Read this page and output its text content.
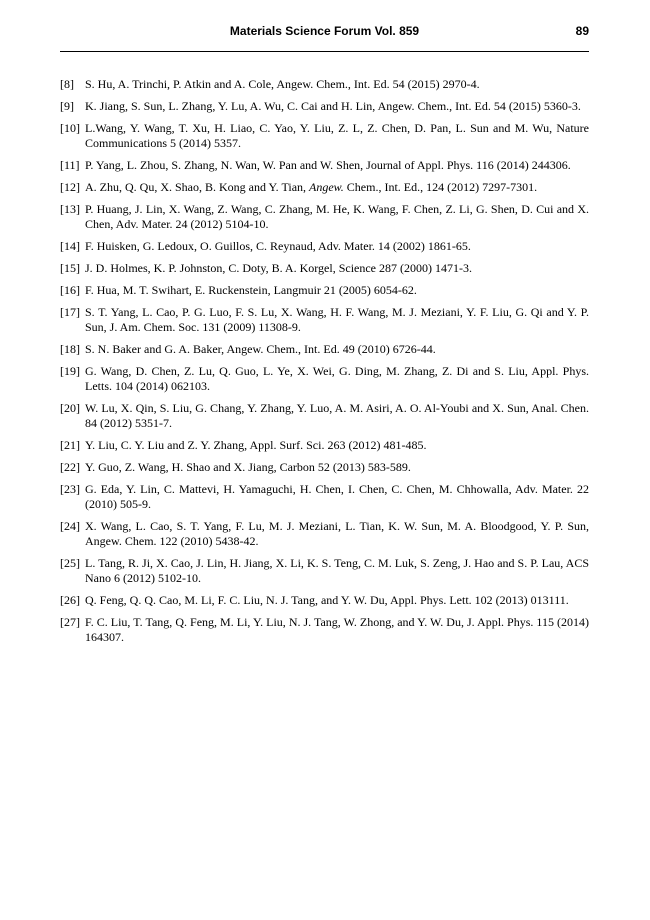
Materials Science Forum Vol. 859	89
[8] S. Hu, A. Trinchi, P. Atkin and A. Cole, Angew. Chem., Int. Ed. 54 (2015) 2970-4.
[9] K. Jiang, S. Sun, L. Zhang, Y. Lu, A. Wu, C. Cai and H. Lin, Angew. Chem., Int. Ed. 54 (2015) 5360-3.
[10] L.Wang, Y. Wang, T. Xu, H. Liao, C. Yao, Y. Liu, Z. L, Z. Chen, D. Pan, L. Sun and M. Wu, Nature Communications 5 (2014) 5357.
[11] P. Yang, L. Zhou, S. Zhang, N. Wan, W. Pan and W. Shen, Journal of Appl. Phys. 116 (2014) 244306.
[12] A. Zhu, Q. Qu, X. Shao, B. Kong and Y. Tian, Angew. Chem., Int. Ed., 124 (2012) 7297-7301.
[13] P. Huang, J. Lin, X. Wang, Z. Wang, C. Zhang, M. He, K. Wang, F. Chen, Z. Li, G. Shen, D. Cui and X. Chen, Adv. Mater. 24 (2012) 5104-10.
[14] F. Huisken, G. Ledoux, O. Guillos, C. Reynaud, Adv. Mater. 14 (2002) 1861-65.
[15] J. D. Holmes, K. P. Johnston, C. Doty, B. A. Korgel, Science 287 (2000) 1471-3.
[16] F. Hua, M. T. Swihart, E. Ruckenstein, Langmuir 21 (2005) 6054-62.
[17] S. T. Yang, L. Cao, P. G. Luo, F. S. Lu, X. Wang, H. F. Wang, M. J. Meziani, Y. F. Liu, G. Qi and Y. P. Sun, J. Am. Chem. Soc. 131 (2009) 11308-9.
[18] S. N. Baker and G. A. Baker, Angew. Chem., Int. Ed. 49 (2010) 6726-44.
[19] G. Wang, D. Chen, Z. Lu, Q. Guo, L. Ye, X. Wei, G. Ding, M. Zhang, Z. Di and S. Liu, Appl. Phys. Letts. 104 (2014) 062103.
[20] W. Lu, X. Qin, S. Liu, G. Chang, Y. Zhang, Y. Luo, A. M. Asiri, A. O. Al-Youbi and X. Sun, Anal. Chen. 84 (2012) 5351-7.
[21] Y. Liu, C. Y. Liu and Z. Y. Zhang, Appl. Surf. Sci. 263 (2012) 481-485.
[22] Y. Guo, Z. Wang, H. Shao and X. Jiang, Carbon 52 (2013) 583-589.
[23] G. Eda, Y. Lin, C. Mattevi, H. Yamaguchi, H. Chen, I. Chen, C. Chen, M. Chhowalla, Adv. Mater. 22 (2010) 505-9.
[24] X. Wang, L. Cao, S. T. Yang, F. Lu, M. J. Meziani, L. Tian, K. W. Sun, M. A. Bloodgood, Y. P. Sun, Angew. Chem. 122 (2010) 5438-42.
[25] L. Tang, R. Ji, X. Cao, J. Lin, H. Jiang, X. Li, K. S. Teng, C. M. Luk, S. Zeng, J. Hao and S. P. Lau, ACS Nano 6 (2012) 5102-10.
[26] Q. Feng, Q. Q. Cao, M. Li, F. C. Liu, N. J. Tang, and Y. W. Du, Appl. Phys. Lett. 102 (2013) 013111.
[27] F. C. Liu, T. Tang, Q. Feng, M. Li, Y. Liu, N. J. Tang, W. Zhong, and Y. W. Du, J. Appl. Phys. 115 (2014) 164307.
